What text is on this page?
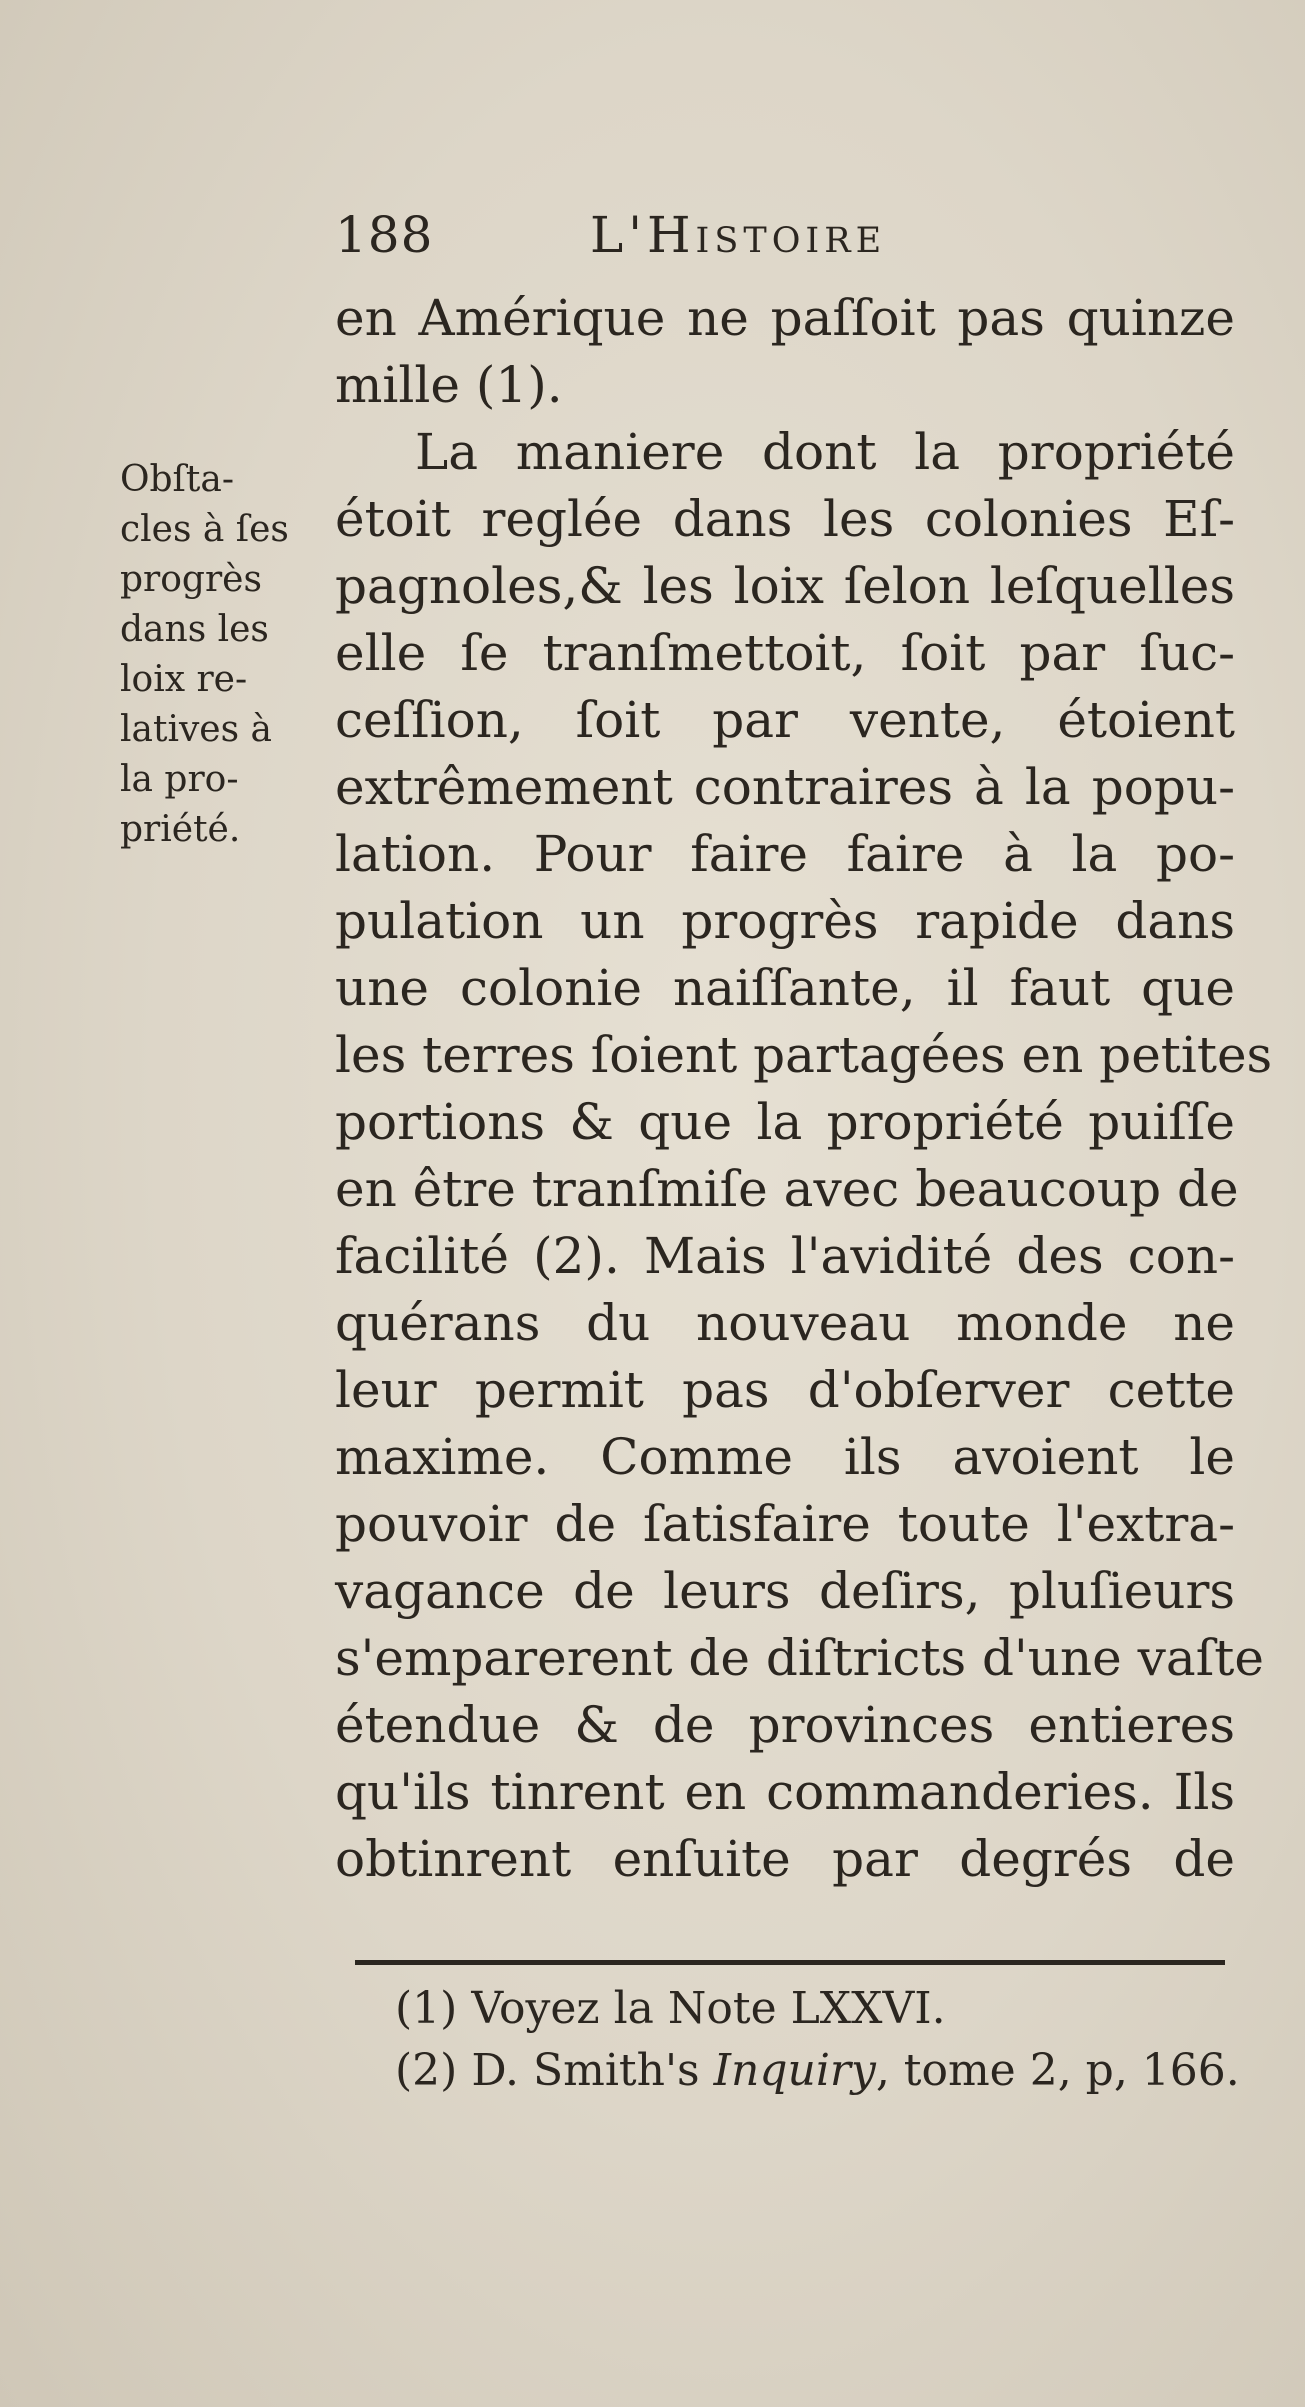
188	L'Histoire
Obſta-
cles à ſes
progrès
dans les
loix re-
latives à
la pro-
priété.
en Amérique ne paſſoit pas quinze
mille (1).
La maniere dont la propriété
étoit reglée dans les colonies Eſ-
pagnoles,& les loix ſelon leſquelles
elle ſe tranſmettoit, ſoit par ſuc-
ceſſion, ſoit par vente, étoient
extrêmement contraires à la popu-
lation. Pour faire faire à la po-
pulation un progrès rapide dans
une colonie naiſſante, il faut que
les terres ſoient partagées en petites
portions & que la propriété puiſſe
en être tranſmiſe avec beaucoup de
facilité (2). Mais l'avidité des con-
quérans du nouveau monde ne
leur permit pas d'obſerver cette
maxime. Comme ils avoient le
pouvoir de ſatisfaire toute l'extra-
vagance de leurs deſirs, pluſieurs
s'emparerent de diſtricts d'une vaſte
étendue & de provinces entieres
qu'ils tinrent en commanderies. Ils
obtinrent enſuite par degrés de
(1) Voyez la Note LXXVI.
(2) D. Smith's Inquiry, tome 2, p, 166.
